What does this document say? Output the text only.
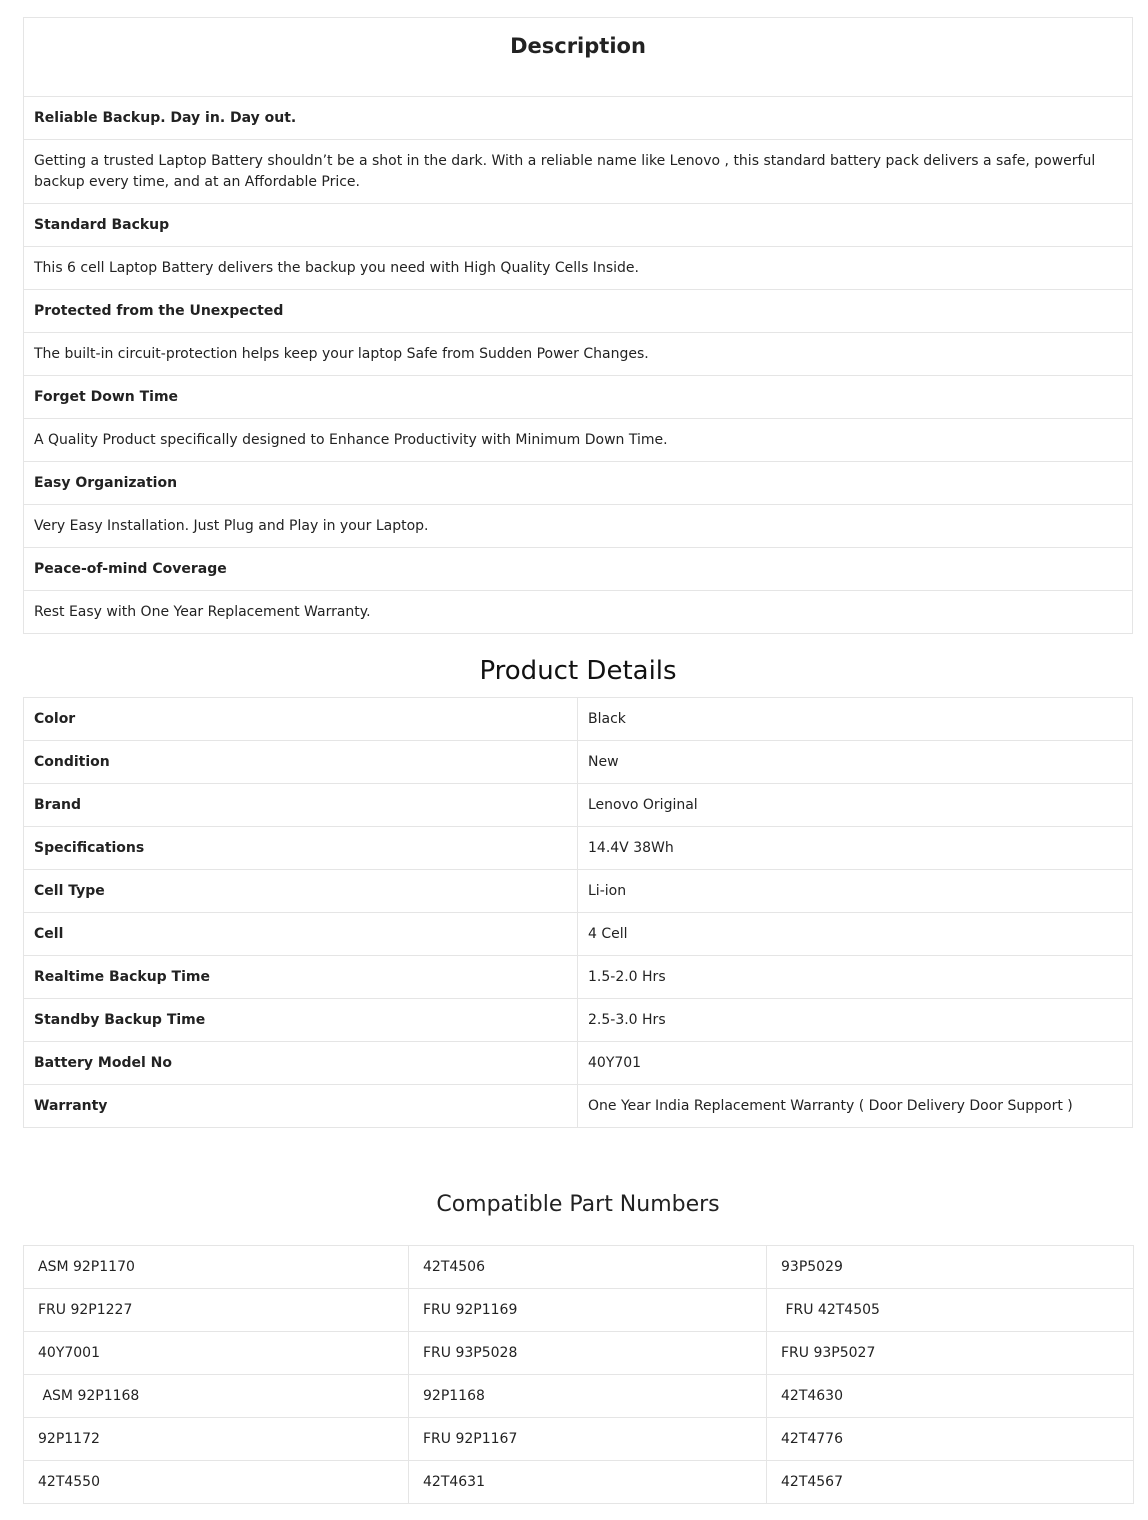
Description
Reliable Backup. Day in. Day out.
Getting a trusted Laptop Battery shouldn’t be a shot in the dark. With a reliable name like Lenovo , this standard battery pack delivers a safe, powerful backup every time, and at an Affordable Price.
Standard Backup
This 6 cell Laptop Battery delivers the backup you need with High Quality Cells Inside.
Protected from the Unexpected
The built-in circuit-protection helps keep your laptop Safe from Sudden Power Changes.
Forget Down Time
A Quality Product specifically designed to Enhance Productivity with Minimum Down Time.
Easy Organization
Very Easy Installation. Just Plug and Play in your Laptop.
Peace-of-mind Coverage
Rest Easy with One Year Replacement Warranty.
Product Details
Color	Black
Condition	New
Brand	Lenovo Original
Specifications	14.4V 38Wh
Cell Type	Li-ion
Cell	4 Cell
Realtime Backup Time	1.5-2.0 Hrs
Standby Backup Time	2.5-3.0 Hrs
Battery Model No	40Y701
Warranty	One Year India Replacement Warranty ( Door Delivery Door Support )
Compatible Part Numbers
ASM 92P1170	42T4506	93P5029
FRU 92P1227	FRU 92P1169	FRU 42T4505
40Y7001	FRU 93P5028	FRU 93P5027
ASM 92P1168	92P1168	42T4630
92P1172	FRU 92P1167	42T4776
42T4550	42T4631	42T4567
